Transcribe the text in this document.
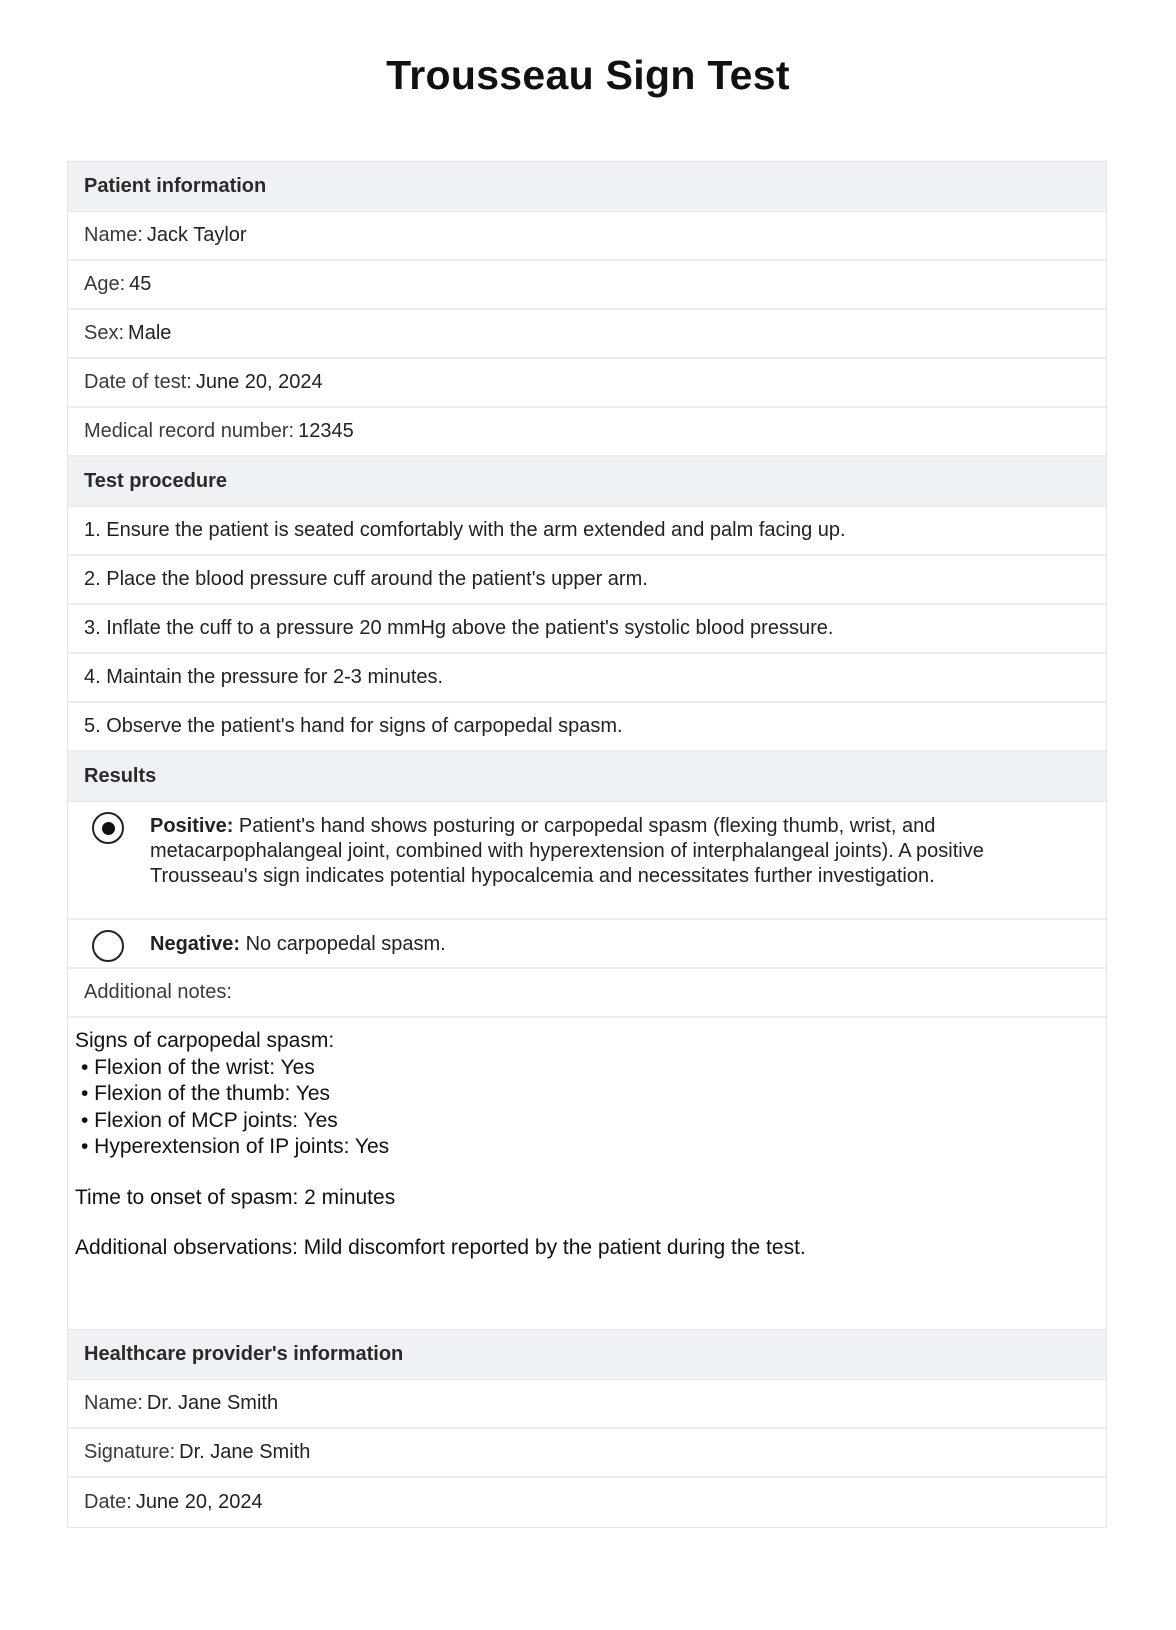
Trousseau Sign Test
Patient information
Name: Jack Taylor
Age: 45
Sex: Male
Date of test: June 20, 2024
Medical record number: 12345
Test procedure
1. Ensure the patient is seated comfortably with the arm extended and palm facing up.
2. Place the blood pressure cuff around the patient's upper arm.
3. Inflate the cuff to a pressure 20 mmHg above the patient's systolic blood pressure.
4. Maintain the pressure for 2-3 minutes.
5. Observe the patient's hand for signs of carpopedal spasm.
Results
Positive: Patient's hand shows posturing or carpopedal spasm (flexing thumb, wrist, and metacarpophalangeal joint, combined with hyperextension of interphalangeal joints). A positive Trousseau's sign indicates potential hypocalcemia and necessitates further investigation.
Negative: No carpopedal spasm.
Additional notes:
Signs of carpopedal spasm:
• Flexion of the wrist: Yes
• Flexion of the thumb: Yes
• Flexion of MCP joints: Yes
• Hyperextension of IP joints: Yes
Time to onset of spasm: 2 minutes
Additional observations: Mild discomfort reported by the patient during the test.
Healthcare provider's information
Name: Dr. Jane Smith
Signature: Dr. Jane Smith
Date: June 20, 2024
